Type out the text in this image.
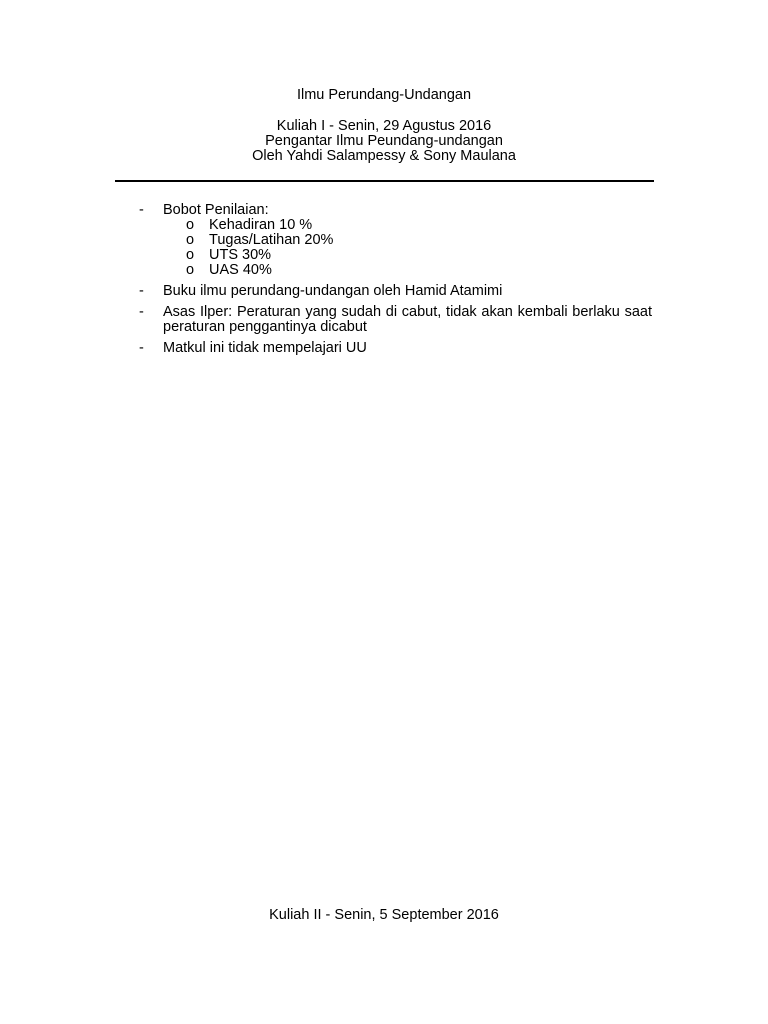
Ilmu Perundang-Undangan
Kuliah I - Senin, 29 Agustus 2016
Pengantar Ilmu Peundang-undangan
Oleh Yahdi Salampessy & Sony Maulana
- Bobot Penilaian:
o Kehadiran 10 %
o Tugas/Latihan 20%
o UTS 30%
o UAS 40%
- Buku ilmu perundang-undangan oleh Hamid Atamimi
- Asas Ilper: Peraturan yang sudah di cabut, tidak akan kembali berlaku saat peraturan penggantinya dicabut
- Matkul ini tidak mempelajari UU
Kuliah II - Senin, 5 September 2016
